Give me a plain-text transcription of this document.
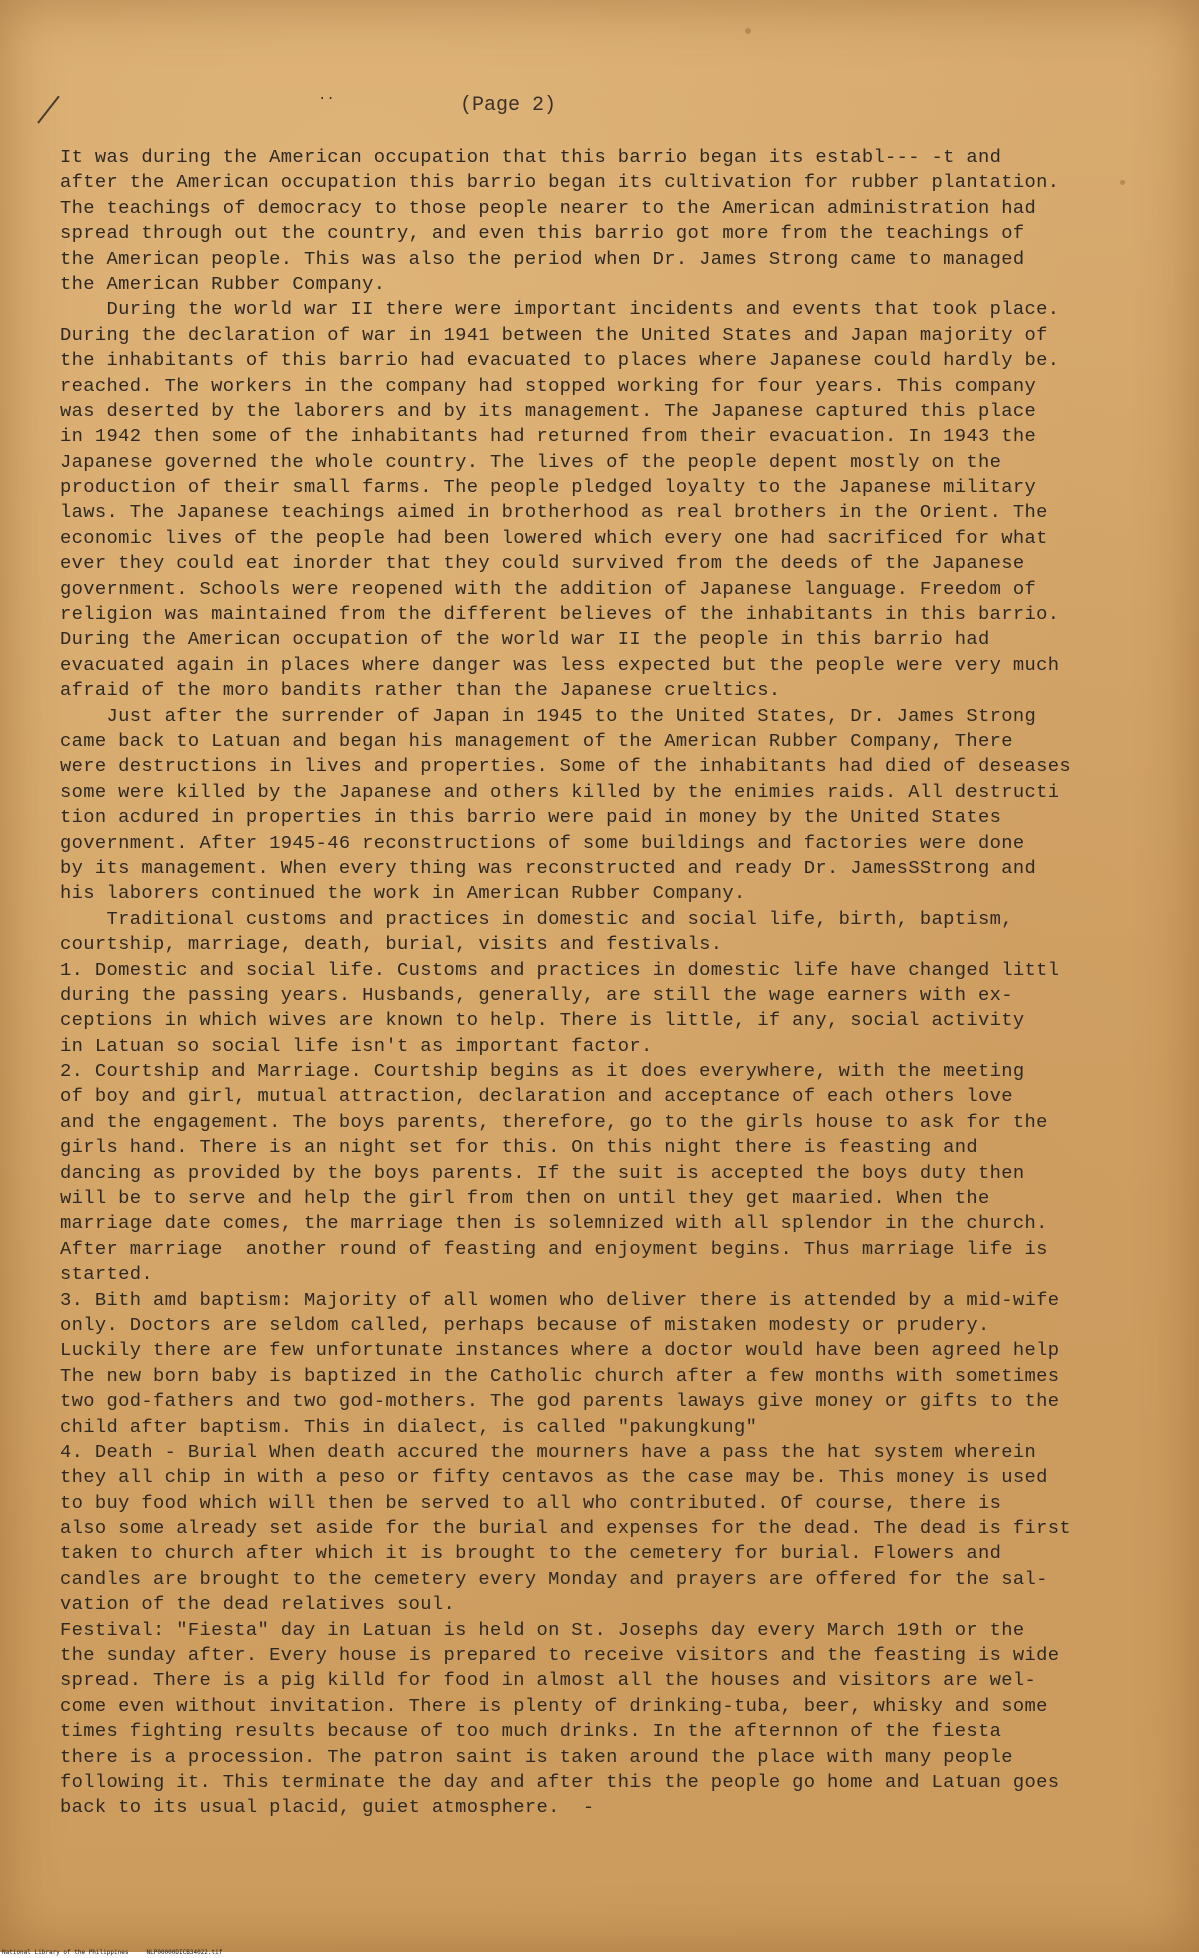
..	(Page 2)
It was during the American occupation that this barrio began its establ--- -t and
after the American occupation this barrio began its cultivation for rubber plantation.
The teachings of democracy to those people nearer to the American administration had
spread through out the country, and even this barrio got more from the teachings of
the American people. This was also the period when Dr. James Strong came to managed
the American Rubber Company.
During the world war II there were important incidents and events that took place.
During the declaration of war in 1941 between the United States and Japan majority of
the inhabitants of this barrio had evacuated to places where Japanese could hardly be.
reached. The workers in the company had stopped working for four years. This company
was deserted by the laborers and by its management. The Japanese captured this place
in 1942 then some of the inhabitants had returned from their evacuation. In 1943 the
Japanese governed the whole country. The lives of the people depent mostly on the
production of their small farms. The people pledged loyalty to the Japanese military
laws. The Japanese teachings aimed in brotherhood as real brothers in the Orient. The
economic lives of the people had been lowered which every one had sacrificed for what
ever they could eat inorder that they could survived from the deeds of the Japanese
government. Schools were reopened with the addition of Japanese language. Freedom of
religion was maintained from the different believes of the inhabitants in this barrio.
During the American occupation of the world war II the people in this barrio had
evacuated again in places where danger was less expected but the people were very much
afraid of the moro bandits rather than the Japanese crueltics.
Just after the surrender of Japan in 1945 to the United States, Dr. James Strong
came back to Latuan and began his management of the American Rubber Company, There
were destructions in lives and properties. Some of the inhabitants had died of deseases
some were killed by the Japanese and others killed by the enimies raids. All destructi
tion acdured in properties in this barrio were paid in money by the United States
government. After 1945-46 reconstructions of some buildings and factories were done
by its management. When every thing was reconstructed and ready Dr. JamesSStrong and
his laborers continued the work in American Rubber Company.
Traditional customs and practices in domestic and social life, birth, baptism,
courtship, marriage, death, burial, visits and festivals.
1. Domestic and social life. Customs and practices in domestic life have changed littl
during the passing years. Husbands, generally, are still the wage earners with ex-
ceptions in which wives are known to help. There is little, if any, social activity
in Latuan so social life isn't as important factor.
2. Courtship and Marriage. Courtship begins as it does everywhere, with the meeting
of boy and girl, mutual attraction, declaration and acceptance of each others love
and the engagement. The boys parents, therefore, go to the girls house to ask for the
girls hand. There is an night set for this. On this night there is feasting and
dancing as provided by the boys parents. If the suit is accepted the boys duty then
will be to serve and help the girl from then on until they get maaried. When the
marriage date comes, the marriage then is solemnized with all splendor in the church.
After marriage  another round of feasting and enjoyment begins. Thus marriage life is
started.
3. Bith amd baptism: Majority of all women who deliver there is attended by a mid-wife
only. Doctors are seldom called, perhaps because of mistaken modesty or prudery.
Luckily there are few unfortunate instances where a doctor would have been agreed help
The new born baby is baptized in the Catholic church after a few months with sometimes
two god-fathers and two god-mothers. The god parents laways give money or gifts to the
child after baptism. This in dialect, is called "pakungkung"
4. Death - Burial When death accured the mourners have a pass the hat system wherein
they all chip in with a peso or fifty centavos as the case may be. This money is used
to buy food which will then be served to all who contributed. Of course, there is
also some already set aside for the burial and expenses for the dead. The dead is first
taken to church after which it is brought to the cemetery for burial. Flowers and
candles are brought to the cemetery every Monday and prayers are offered for the sal-
vation of the dead relatives soul.
Festival: "Fiesta" day in Latuan is held on St. Josephs day every March 19th or the
the sunday after. Every house is prepared to receive visitors and the feasting is wide
spread. There is a pig killd for food in almost all the houses and visitors are wel-
come even without invitation. There is plenty of drinking-tuba, beer, whisky and some
times fighting results because of too much drinks. In the afternnon of the fiesta
there is a procession. The patron saint is taken around the place with many people
following it. This terminate the day and after this the people go home and Latuan goes
back to its usual placid, guiet atmosphere.  -
National Library of the Philippines     NLP00000DICB34022.tif
